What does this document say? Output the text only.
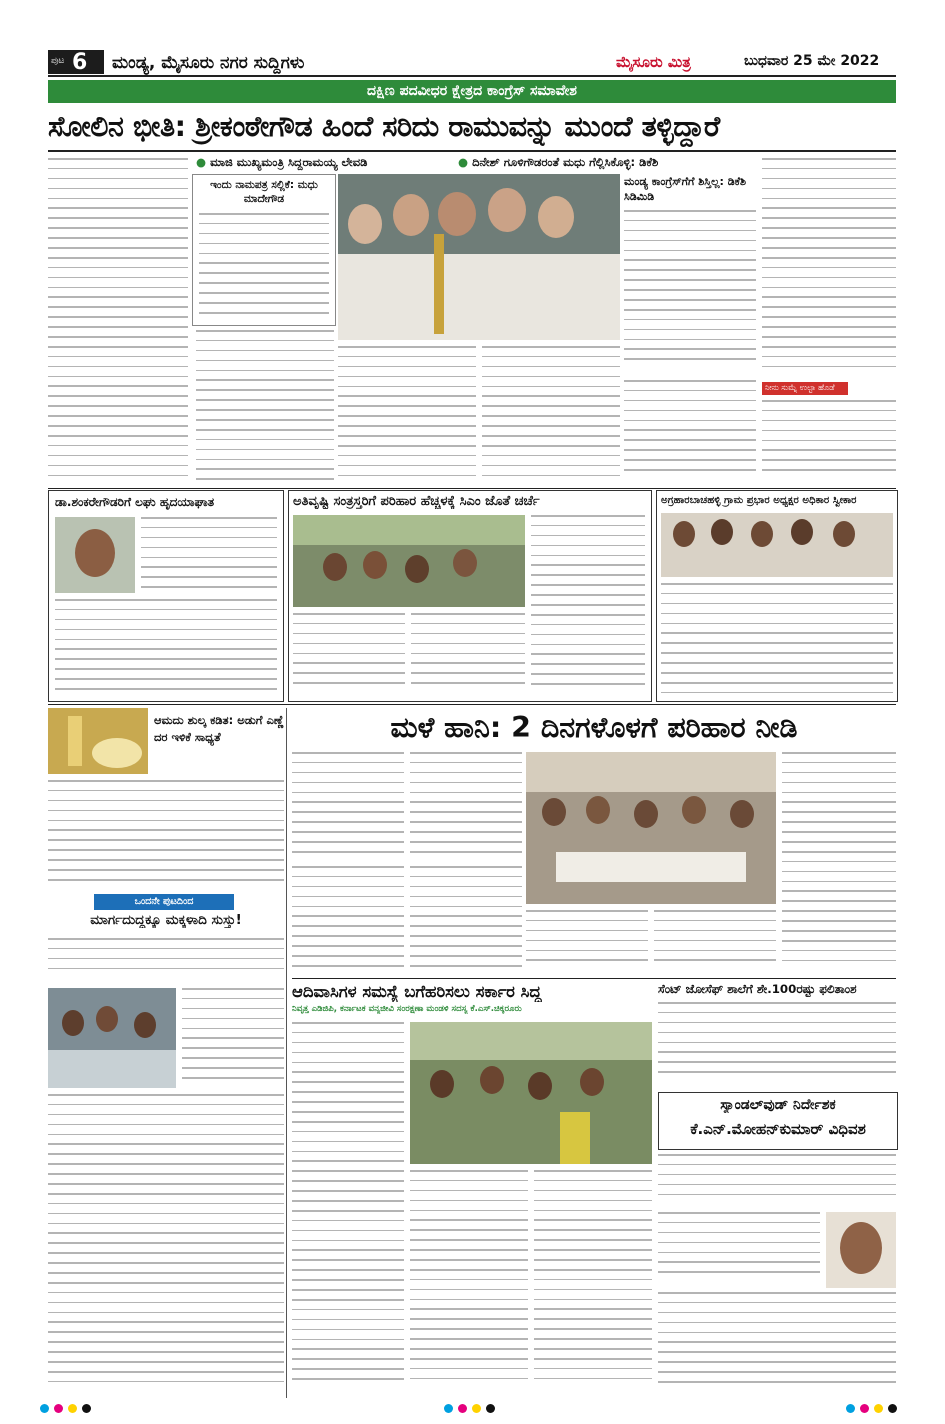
ಪುಟ 6 ಮಂಡ್ಯ, ಮೈಸೂರು ನಗರ ಸುದ್ದಿಗಳು	ಮೈಸೂರು ಮಿತ್ರ	ಬುಧವಾರ 25 ಮೇ 2022
ದಕ್ಷಿಣ ಪದವೀಧರ ಕ್ಷೇತ್ರದ ಕಾಂಗ್ರೆಸ್ ಸಮಾವೇಶ
ಸೋಲಿನ ಭೀತಿ: ಶ್ರೀಕಂಠೇಗೌಡ ಹಿಂದೆ ಸರಿದು ರಾಮುವನ್ನು ಮುಂದೆ ತಳ್ಳಿದ್ದಾರೆ
● ಮಾಜಿ ಮುಖ್ಯಮಂತ್ರಿ ಸಿದ್ದರಾಮಯ್ಯ ಲೇವಡಿ	● ದಿನೇಶ್ ಗೂಳಿಗೌಡರಂತೆ ಮಧು ಗೆಲ್ಲಿಸಿಕೊಳ್ಳಿ: ಡಿಕೆಶಿ
ಇಂದು ನಾಮಪತ್ರ ಸಲ್ಲಿಕೆ: ಮಧು ಮಾದೇಗೌಡ
ಮಂಡ್ಯ ಕಾಂಗ್ರೆಸ್‌ಗೆಗೆ ಶಿಸ್ತಿಲ್ಲ: ಡಿಕೆಶಿ ಸಿಡಿಮಿಡಿ
ನೀನು ಸುಮ್ನೆ ಉಲ್ಟಾ ಹೊಡೆ
ಡಾ.ಶಂಕರೇಗೌಡರಿಗೆ ಲಘು ಹೃದಯಾಘಾತ	ಅತಿವೃಷ್ಟಿ ಸಂತ್ರಸ್ತರಿಗೆ ಪರಿಹಾರ ಹೆಚ್ಚಳಕ್ಕೆ ಸಿಎಂ ಜೊತೆ ಚರ್ಚೆ	ಅಗ್ರಹಾರಬಾಚಹಳ್ಳಿ ಗ್ರಾಮ ಪ್ರಭಾರ ಅಧ್ಯಕ್ಷರ ಅಧಿಕಾರ ಸ್ವೀಕಾರ
ಆಮದು ಶುಲ್ಕ ಕಡಿತ: ಅಡುಗೆ ಎಣ್ಣೆ ದರ ಇಳಿಕೆ ಸಾಧ್ಯತೆ
ಒಂದನೇ ಪುಟದಿಂದ
ಮಾರ್ಗದುದ್ದಕ್ಕೂ ಮಕ್ಕಳಾದಿ ಸುಸ್ತು!
ಮಳೆ ಹಾನಿ: 2 ದಿನಗಳೊಳಗೆ ಪರಿಹಾರ ನೀಡಿ
ಆದಿವಾಸಿಗಳ ಸಮಸ್ಯೆ ಬಗೆಹರಿಸಲು ಸರ್ಕಾರ ಸಿದ್ಧ
ನಿವೃತ್ತ ಎಡಿಜಿಪಿ, ಕರ್ನಾಟಕ ವನ್ಯಜೀವಿ ಸಂರಕ್ಷಣಾ ಮಂಡಳಿ ಸದಸ್ಯ ಕೆ.ಎಸ್.ಚಿಕ್ಕರೂರು
ಸೆಂಟ್ ಜೋಸೆಫ್ ಶಾಲೆಗೆ ಶೇ.100ರಷ್ಟು ಫಲಿತಾಂಶ
ಸ್ಯಾಂಡಲ್‌ವುಡ್ ನಿರ್ದೇಶಕ
ಕೆ.ಎನ್.ಮೋಹನ್‌ಕುಮಾರ್ ವಿಧಿವಶ
